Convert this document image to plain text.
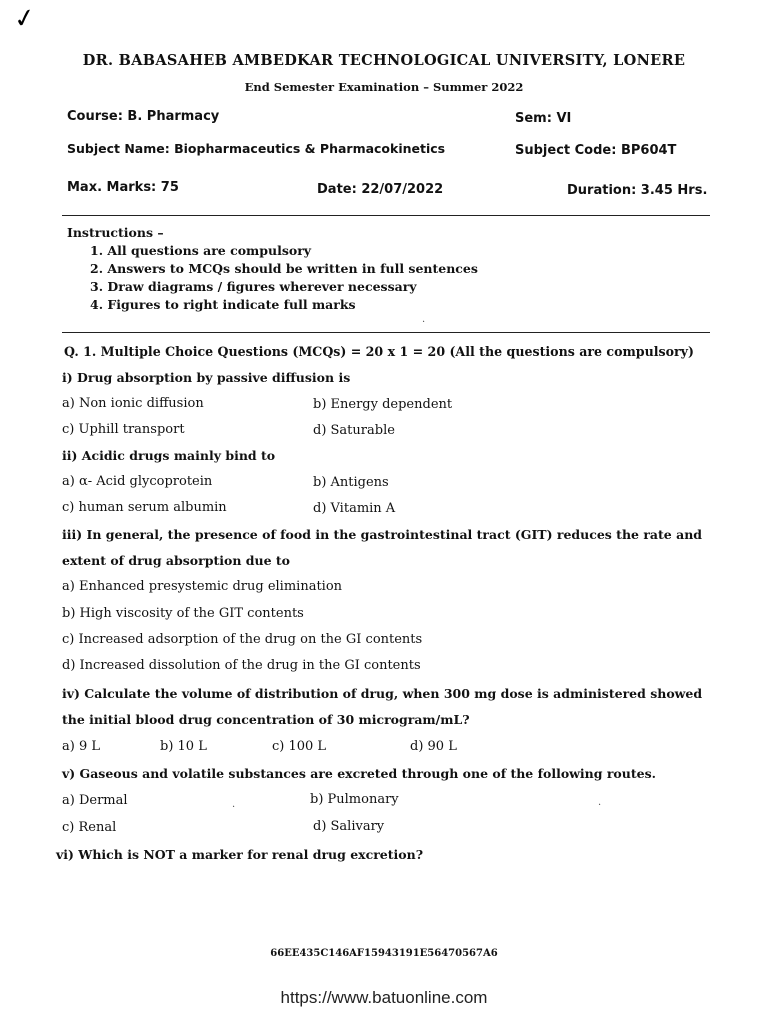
✓
DR. BABASAHEB AMBEDKAR TECHNOLOGICAL UNIVERSITY, LONERE
End Semester Examination – Summer 2022
Course: B. Pharmacy	Sem: VI
Subject Name: Biopharmaceutics & Pharmacokinetics	Subject Code: BP604T
Max. Marks: 75	Date: 22/07/2022	Duration: 3.45 Hrs.
Instructions –
1. All questions are compulsory
2. Answers to MCQs should be written in full sentences
3. Draw diagrams / figures wherever necessary
4. Figures to right indicate full marks
Q. 1. Multiple Choice Questions (MCQs) = 20 x 1 = 20 (All the questions are compulsory)
i) Drug absorption by passive diffusion is
a) Non ionic diffusion	b) Energy dependent
c) Uphill transport	d) Saturable
ii) Acidic drugs mainly bind to
a) α- Acid glycoprotein	b) Antigens
c) human serum albumin	d) Vitamin A
iii) In general, the presence of food in the gastrointestinal tract (GIT) reduces the rate and
extent of drug absorption due to
a) Enhanced presystemic drug elimination
b) High viscosity of the GIT contents
c) Increased adsorption of the drug on the GI contents
d) Increased dissolution of the drug in the GI contents
iv) Calculate the volume of distribution of drug, when 300 mg dose is administered showed
the initial blood drug concentration of 30 microgram/mL?
a) 9 L	b) 10 L	c) 100 L	d) 90 L
v) Gaseous and volatile substances are excreted through one of the following routes.
a) Dermal	b) Pulmonary
c) Renal	d) Salivary
vi) Which is NOT a marker for renal drug excretion?
·	·
·
66EE435C146AF15943191E56470567A6
https://www.batuonline.com
